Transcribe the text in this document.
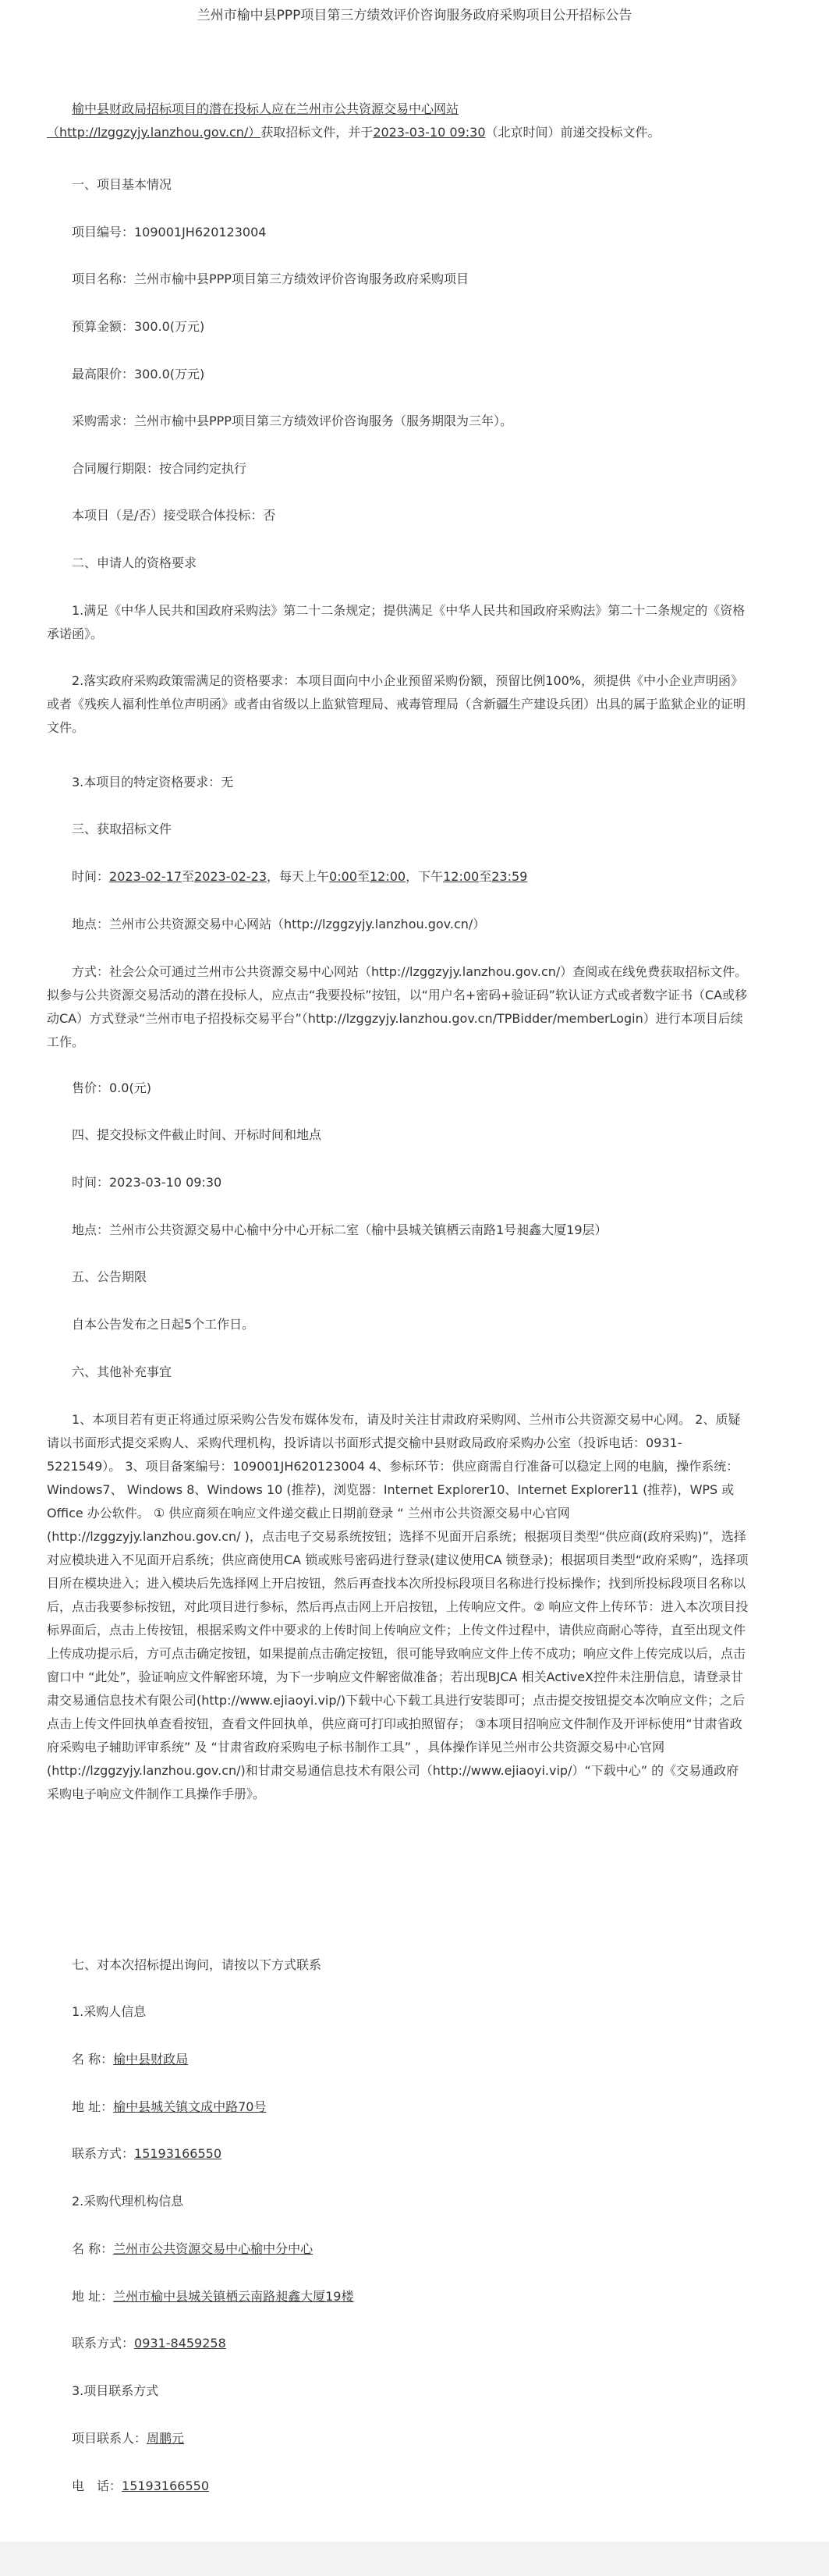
兰州市榆中县PPP项目第三方绩效评价咨询服务政府采购项目公开招标公告

　　榆中县财政局招标项目的潜在投标人应在兰州市公共资源交易中心网站
（http://lzggzyjy.lanzhou.gov.cn/）获取招标文件，并于2023-03-10 09:30（北京时间）前递交投标文件。

一、项目基本情况

项目编号：109001JH620123004

项目名称：兰州市榆中县PPP项目第三方绩效评价咨询服务政府采购项目

预算金额：300.0(万元)

最高限价：300.0(万元)

采购需求：兰州市榆中县PPP项目第三方绩效评价咨询服务（服务期限为三年）。

合同履行期限：按合同约定执行

本项目（是/否）接受联合体投标：否

二、申请人的资格要求

1.满足《中华人民共和国政府采购法》第二十二条规定；提供满足《中华人民共和国政府采购法》第二十二条规定的《资格承诺函》。

2.落实政府采购政策需满足的资格要求：本项目面向中小企业预留采购份额，预留比例100%，须提供《中小企业声明函》或者《残疾人福利性单位声明函》或者由省级以上监狱管理局、戒毒管理局（含新疆生产建设兵团）出具的属于监狱企业的证明文件。

3.本项目的特定资格要求：无

三、获取招标文件

时间：2023-02-17至2023-02-23，每天上午0:00至12:00，下午12:00至23:59

地点：兰州市公共资源交易中心网站（http://lzggzyjy.lanzhou.gov.cn/）

方式：社会公众可通过兰州市公共资源交易中心网站（http://lzggzyjy.lanzhou.gov.cn/）查阅或在线免费获取招标文件。拟参与公共资源交易活动的潜在投标人，应点击“我要投标”按钮，以“用户名+密码+验证码”软认证方式或者数字证书（CA或移动CA）方式登录“兰州市电子招投标交易平台”（http://lzggzyjy.lanzhou.gov.cn/TPBidder/memberLogin）进行本项目后续工作。

售价：0.0(元)

四、提交投标文件截止时间、开标时间和地点

时间：2023-03-10 09:30

地点：兰州市公共资源交易中心榆中分中心开标二室（榆中县城关镇栖云南路1号昶鑫大厦19层）

五、公告期限

自本公告发布之日起5个工作日。

六、其他补充事宜

1、本项目若有更正将通过原采购公告发布媒体发布，请及时关注甘肃政府采购网、兰州市公共资源交易中心网。 2、质疑请以书面形式提交采购人、采购代理机构，投诉请以书面形式提交榆中县财政局政府采购办公室（投诉电话：0931-5221549）。 3、项目备案编号：109001JH620123004 4、参标环节：供应商需自行准备可以稳定上网的电脑，操作系统：Windows7、 Windows 8、Windows 10 (推荐)，浏览器：Internet Explorer10、Internet Explorer11 (推荐)，WPS 或Office 办公软件。 ① 供应商须在响应文件递交截止日期前登录 “ 兰州市公共资源交易中心官网(http://lzggzyjy.lanzhou.gov.cn/ )，点击电子交易系统按钮；选择不见面开启系统；根据项目类型“供应商(政府采购)”，选择对应模块进入不见面开启系统；供应商使用CA 锁或账号密码进行登录(建议使用CA 锁登录)；根据项目类型“政府采购”，选择项目所在模块进入；进入模块后先选择网上开启按钮，然后再查找本次所投标段项目名称进行投标操作；找到所投标段项目名称以后，点击我要参标按钮，对此项目进行参标，然后再点击网上开启按钮，上传响应文件。② 响应文件上传环节：进入本次项目投标界面后，点击上传按钮，根据采购文件中要求的上传时间上传响应文件；上传文件过程中，请供应商耐心等待，直至出现文件上传成功提示后，方可点击确定按钮，如果提前点击确定按钮，很可能导致响应文件上传不成功；响应文件上传完成以后，点击窗口中 “此处”，验证响应文件解密环境，为下一步响应文件解密做准备；若出现BJCA 相关ActiveX控件未注册信息，请登录甘肃交易通信息技术有限公司(http://www.ejiaoyi.vip/)下载中心下载工具进行安装即可；点击提交按钮提交本次响应文件；之后点击上传文件回执单查看按钮，查看文件回执单，供应商可打印或拍照留存； ③本项目招响应文件制作及开评标使用“甘肃省政府采购电子辅助评审系统” 及 “甘肃省政府采购电子标书制作工具” ，具体操作详见兰州市公共资源交易中心官网(http://lzggzyjy.lanzhou.gov.cn/)和甘肃交易通信息技术有限公司（http://www.ejiaoyi.vip/）“下载中心” 的《交易通政府采购电子响应文件制作工具操作手册》。

七、对本次招标提出询问，请按以下方式联系

1.采购人信息

名 称：榆中县财政局

地 址：榆中县城关镇文成中路70号

联系方式：15193166550

2.采购代理机构信息

名 称：兰州市公共资源交易中心榆中分中心

地 址：兰州市榆中县城关镇栖云南路昶鑫大厦19楼

联系方式：0931-8459258

3.项目联系方式

项目联系人：周鹏元

电　话：15193166550
